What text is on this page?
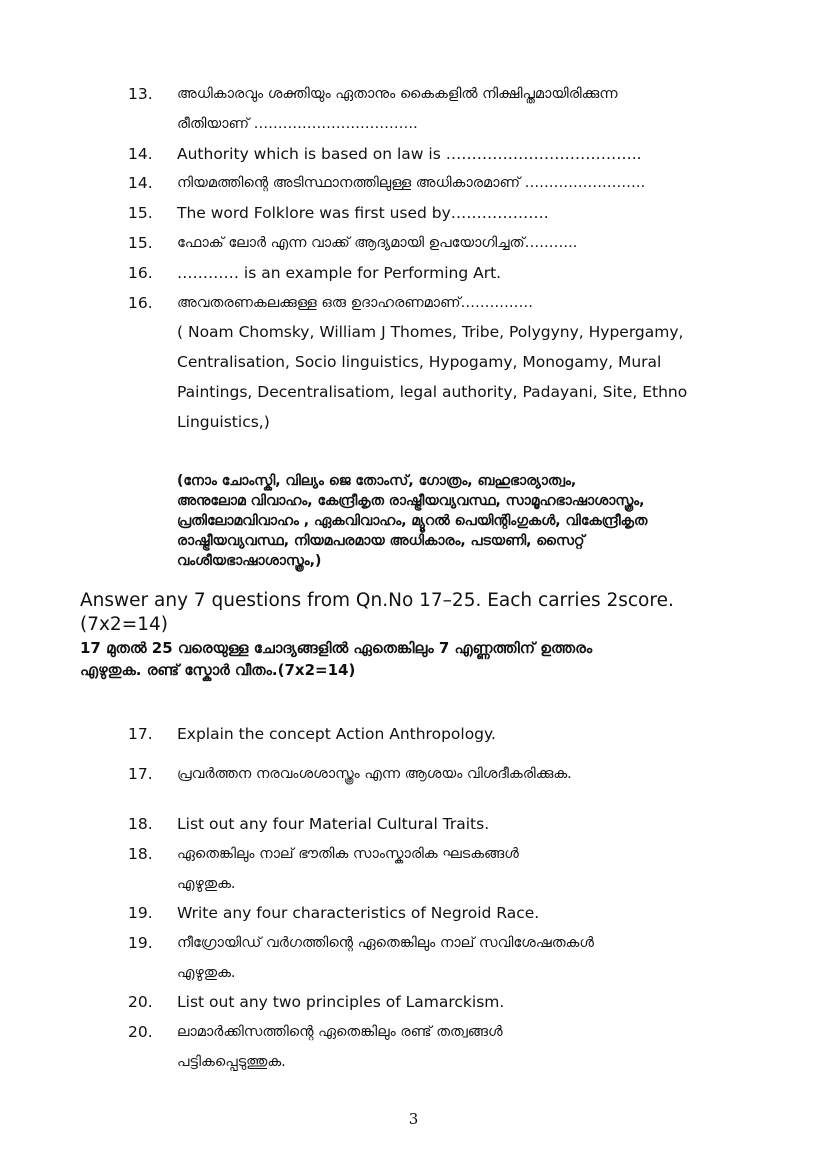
13.	അധികാരവും ശക്തിയും ഏതാനും കൈകളിൽ നിക്ഷിപ്തമായിരിക്കുന്ന
രീതിയാണ് …………………………….
14.	Authority which is based on law is ………………………………..
14.	നിയമത്തിന്റെ അടിസ്ഥാനത്തിലുള്ള അധികാരമാണ് …………………….
15.	The word Folklore was first used by……………….
15.	ഫോക് ലോർ എന്ന വാക്ക് ആദ്യമായി ഉപയോഗിച്ചത്………..
16.	………… is an example for Performing Art.
16.	അവതരണകലക്കുള്ള ഒരു ഉദാഹരണമാണ്……………
( Noam Chomsky, William J Thomes, Tribe, Polygyny, Hypergamy,
Centralisation, Socio linguistics, Hypogamy, Monogamy, Mural
Paintings, Decentralisatiom, legal authority, Padayani, Site, Ethno
Linguistics,)
(നോം ചോംസ്കി, വില്യം ജെ തോംസ്, ഗോത്രം, ബഹുഭാര്യാത്വം,
അനുലോമ വിവാഹം, കേന്ദ്രീകൃത രാഷ്ട്രീയവ്യവസ്ഥ, സാമൂഹഭാഷാശാസ്ത്രം,
പ്രതിലോമവിവാഹം , ഏകവിവാഹം, മ്യൂറൽ പെയിന്റിംഗുകൾ, വികേന്ദ്രീകൃത
രാഷ്ട്രീയവ്യവസ്ഥ, നിയമപരമായ അധികാരം, പടയണി, സൈറ്റ്
വംശീയഭാഷാശാസ്ത്രം,)
Answer any 7 questions from Qn.No 17–25. Each carries 2score.
(7x2=14)
17 മുതൽ 25 വരെയുള്ള ചോദ്യങ്ങളിൽ ഏതെങ്കിലും 7 എണ്ണത്തിന് ഉത്തരം
എഴുതുക. രണ്ട് സ്കോർ വീതം.(7x2=14)
17.	Explain the concept Action Anthropology.
17.	പ്രവർത്തന നരവംശശാസ്ത്രം എന്ന ആശയം വിശദീകരിക്കുക.
18.	List out any four Material Cultural Traits.
18.	ഏതെങ്കിലും നാല് ഭൗതിക സാംസ്കാരിക ഘടകങ്ങൾ
എഴുതുക.
19.	Write any four characteristics of Negroid Race.
19.	നീഗ്രോയിഡ് വർഗത്തിന്റെ ഏതെങ്കിലും നാല് സവിശേഷതകൾ
എഴുതുക.
20.	List out any two principles of Lamarckism.
20.	ലാമാർക്കിസത്തിന്റെ ഏതെങ്കിലും രണ്ട് തത്വങ്ങൾ
പട്ടികപ്പെടുത്തുക.
3
